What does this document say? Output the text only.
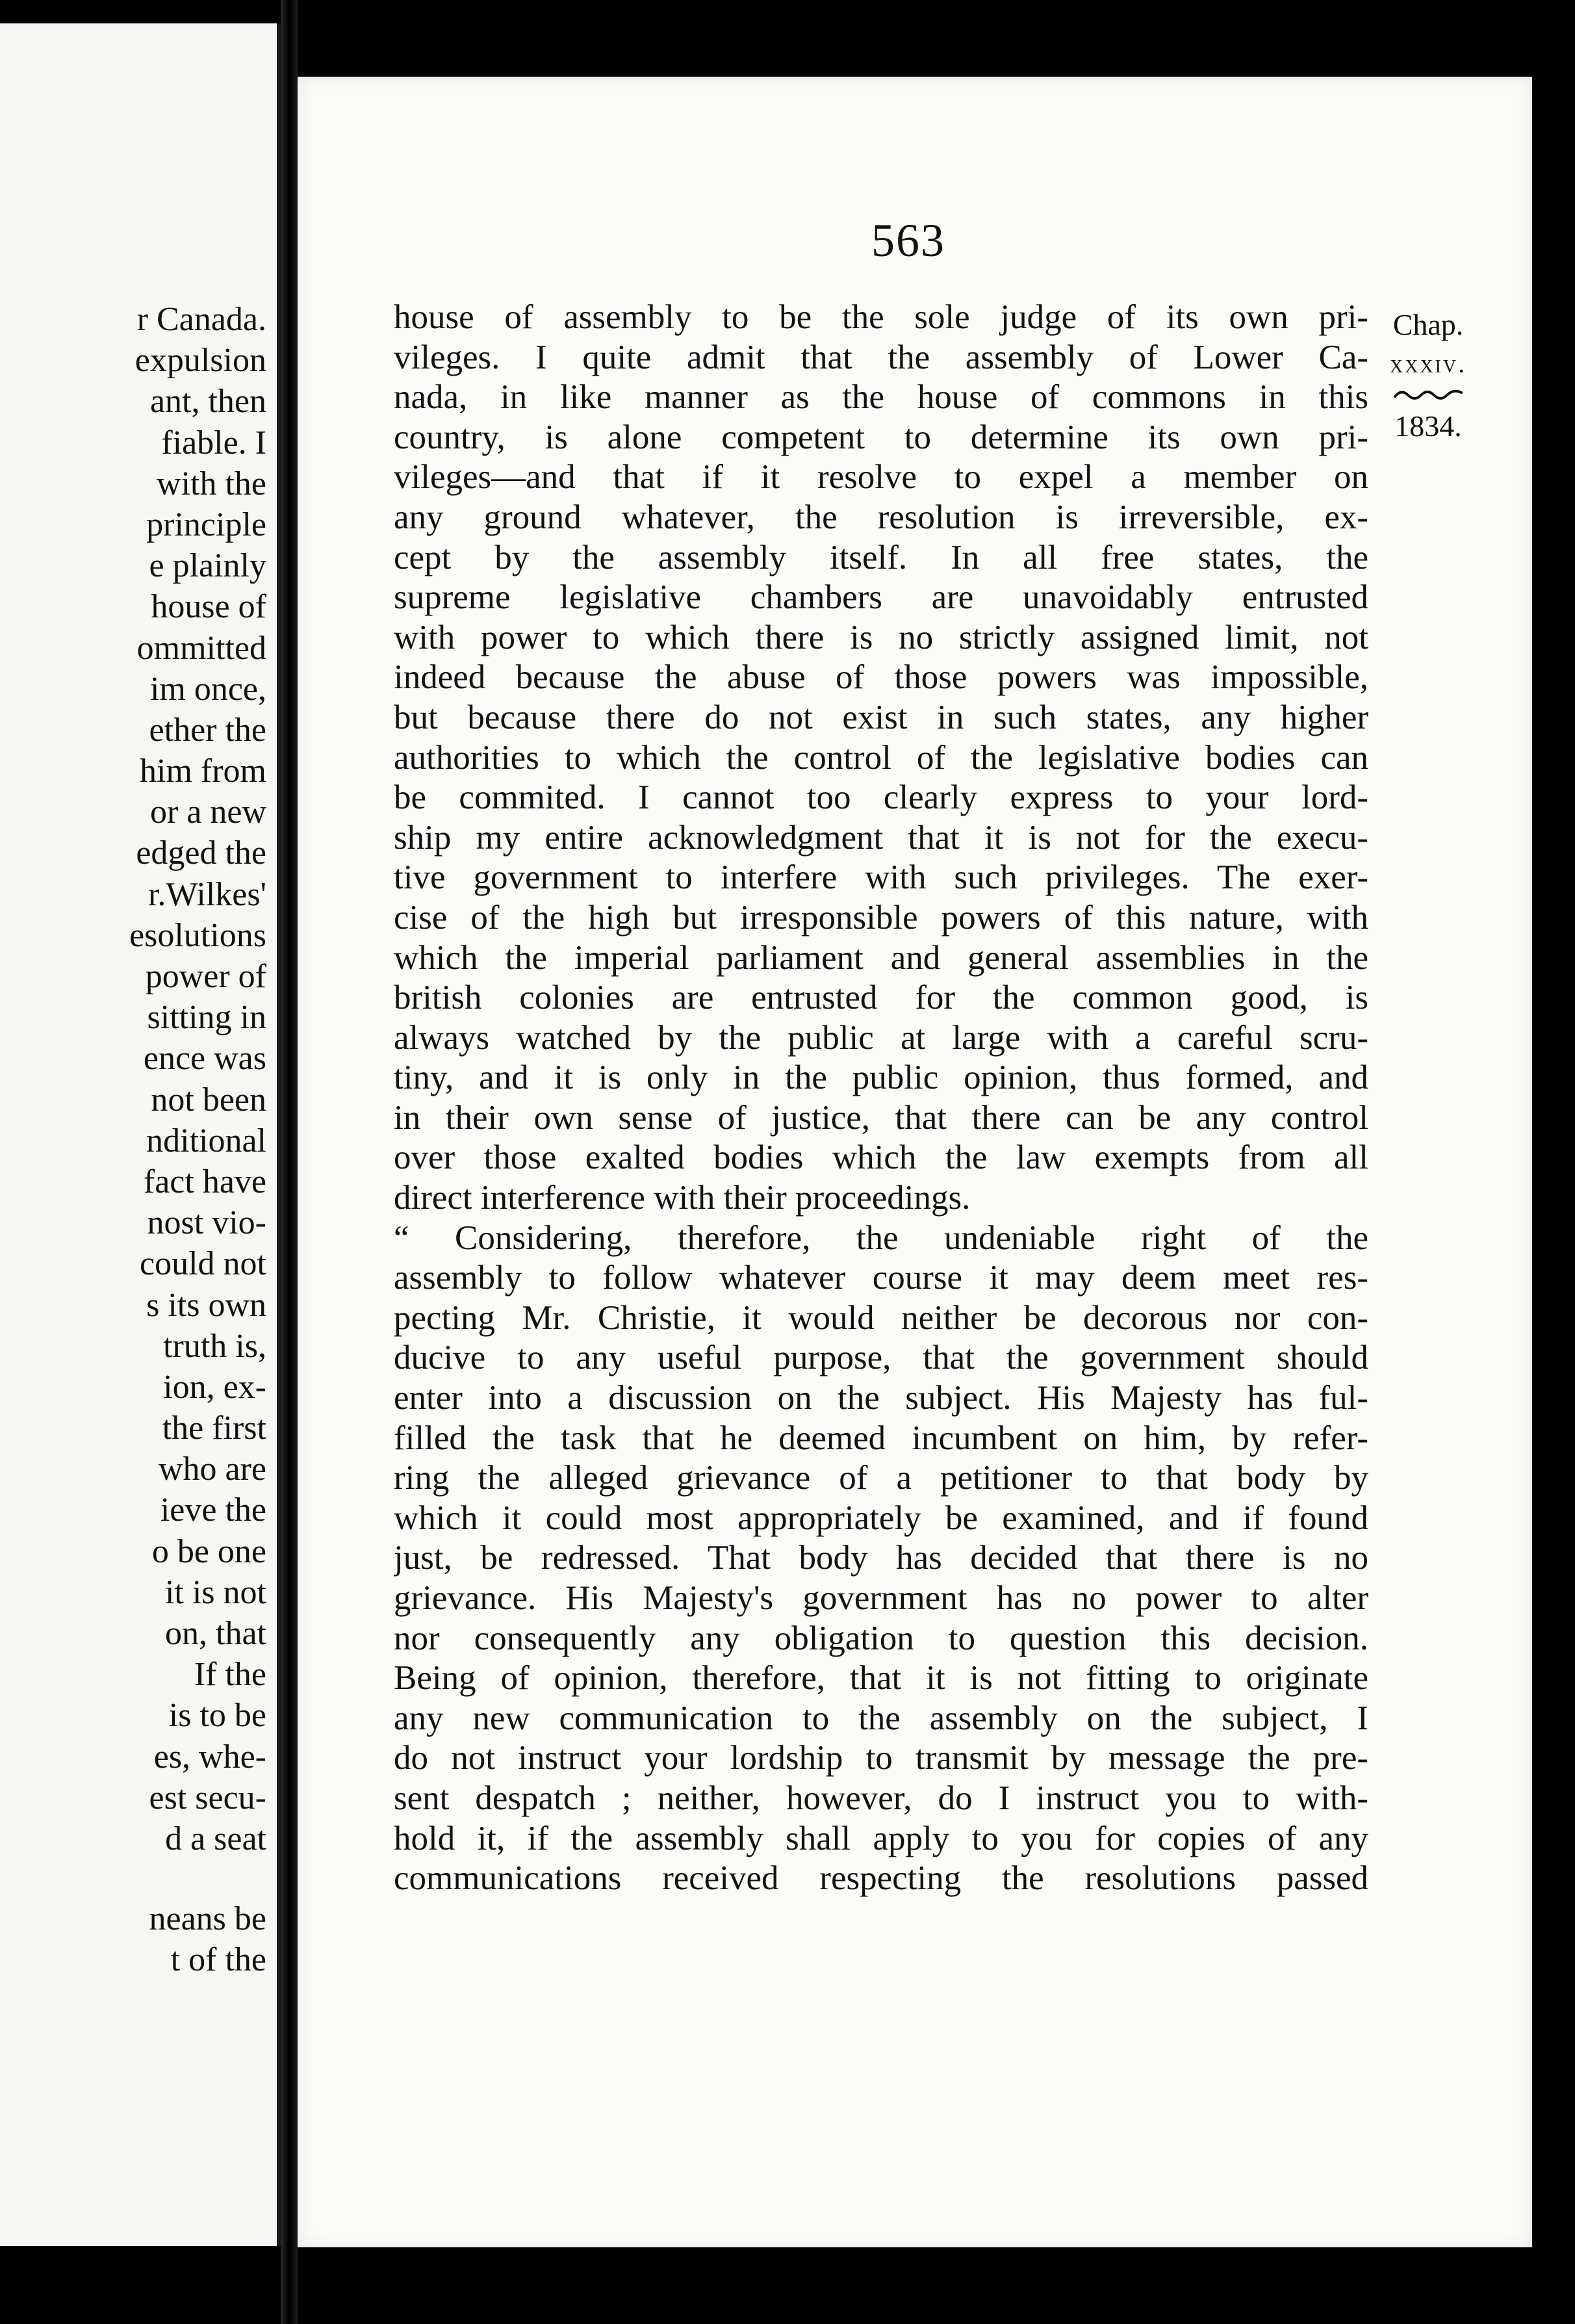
r Canada.
expulsion
ant, then
fiable. I
with the
principle
e plainly
house of
ommitted
im once,
ether the
him from
or a new
edged the
r.Wilkes'
esolutions
power of
sitting in
ence was
not been
nditional
fact have
nost vio-
could not
s its own
truth is,
ion, ex-
the first
who are
ieve the
o be one
it is not
on, that
If the
is to be
es, whe-
est secu-
d a seat
neans be
t of the
563
house of assembly to be the sole judge of its own pri-
vileges. I quite admit that the assembly of Lower Ca-
nada, in like manner as the house of commons in this
country, is alone competent to determine its own pri-
vileges—and that if it resolve to expel a member on
any ground whatever, the resolution is irreversible, ex-
cept by the assembly itself. In all free states, the
supreme legislative chambers are unavoidably entrusted
with power to which there is no strictly assigned limit, not
indeed because the abuse of those powers was impossible,
but because there do not exist in such states, any higher
authorities to which the control of the legislative bodies can
be commited. I cannot too clearly express to your lord-
ship my entire acknowledgment that it is not for the execu-
tive government to interfere with such privileges. The exer-
cise of the high but irresponsible powers of this nature, with
which the imperial parliament and general assemblies in the
british colonies are entrusted for the common good, is
always watched by the public at large with a careful scru-
tiny, and it is only in the public opinion, thus formed, and
in their own sense of justice, that there can be any control
over those exalted bodies which the law exempts from all
direct interference with their proceedings.
“ Considering, therefore, the undeniable right of the
assembly to follow whatever course it may deem meet res-
pecting Mr. Christie, it would neither be decorous nor con-
ducive to any useful purpose, that the government should
enter into a discussion on the subject. His Majesty has ful-
filled the task that he deemed incumbent on him, by refer-
ring the alleged grievance of a petitioner to that body by
which it could most appropriately be examined, and if found
just, be redressed. That body has decided that there is no
grievance. His Majesty's government has no power to alter
nor consequently any obligation to question this decision.
Being of opinion, therefore, that it is not fitting to originate
any new communication to the assembly on the subject, I
do not instruct your lordship to transmit by message the pre-
sent despatch ; neither, however, do I instruct you to with-
hold it, if the assembly shall apply to you for copies of any
communications received respecting the resolutions passed
Chap.
xxxiv.
1834.
